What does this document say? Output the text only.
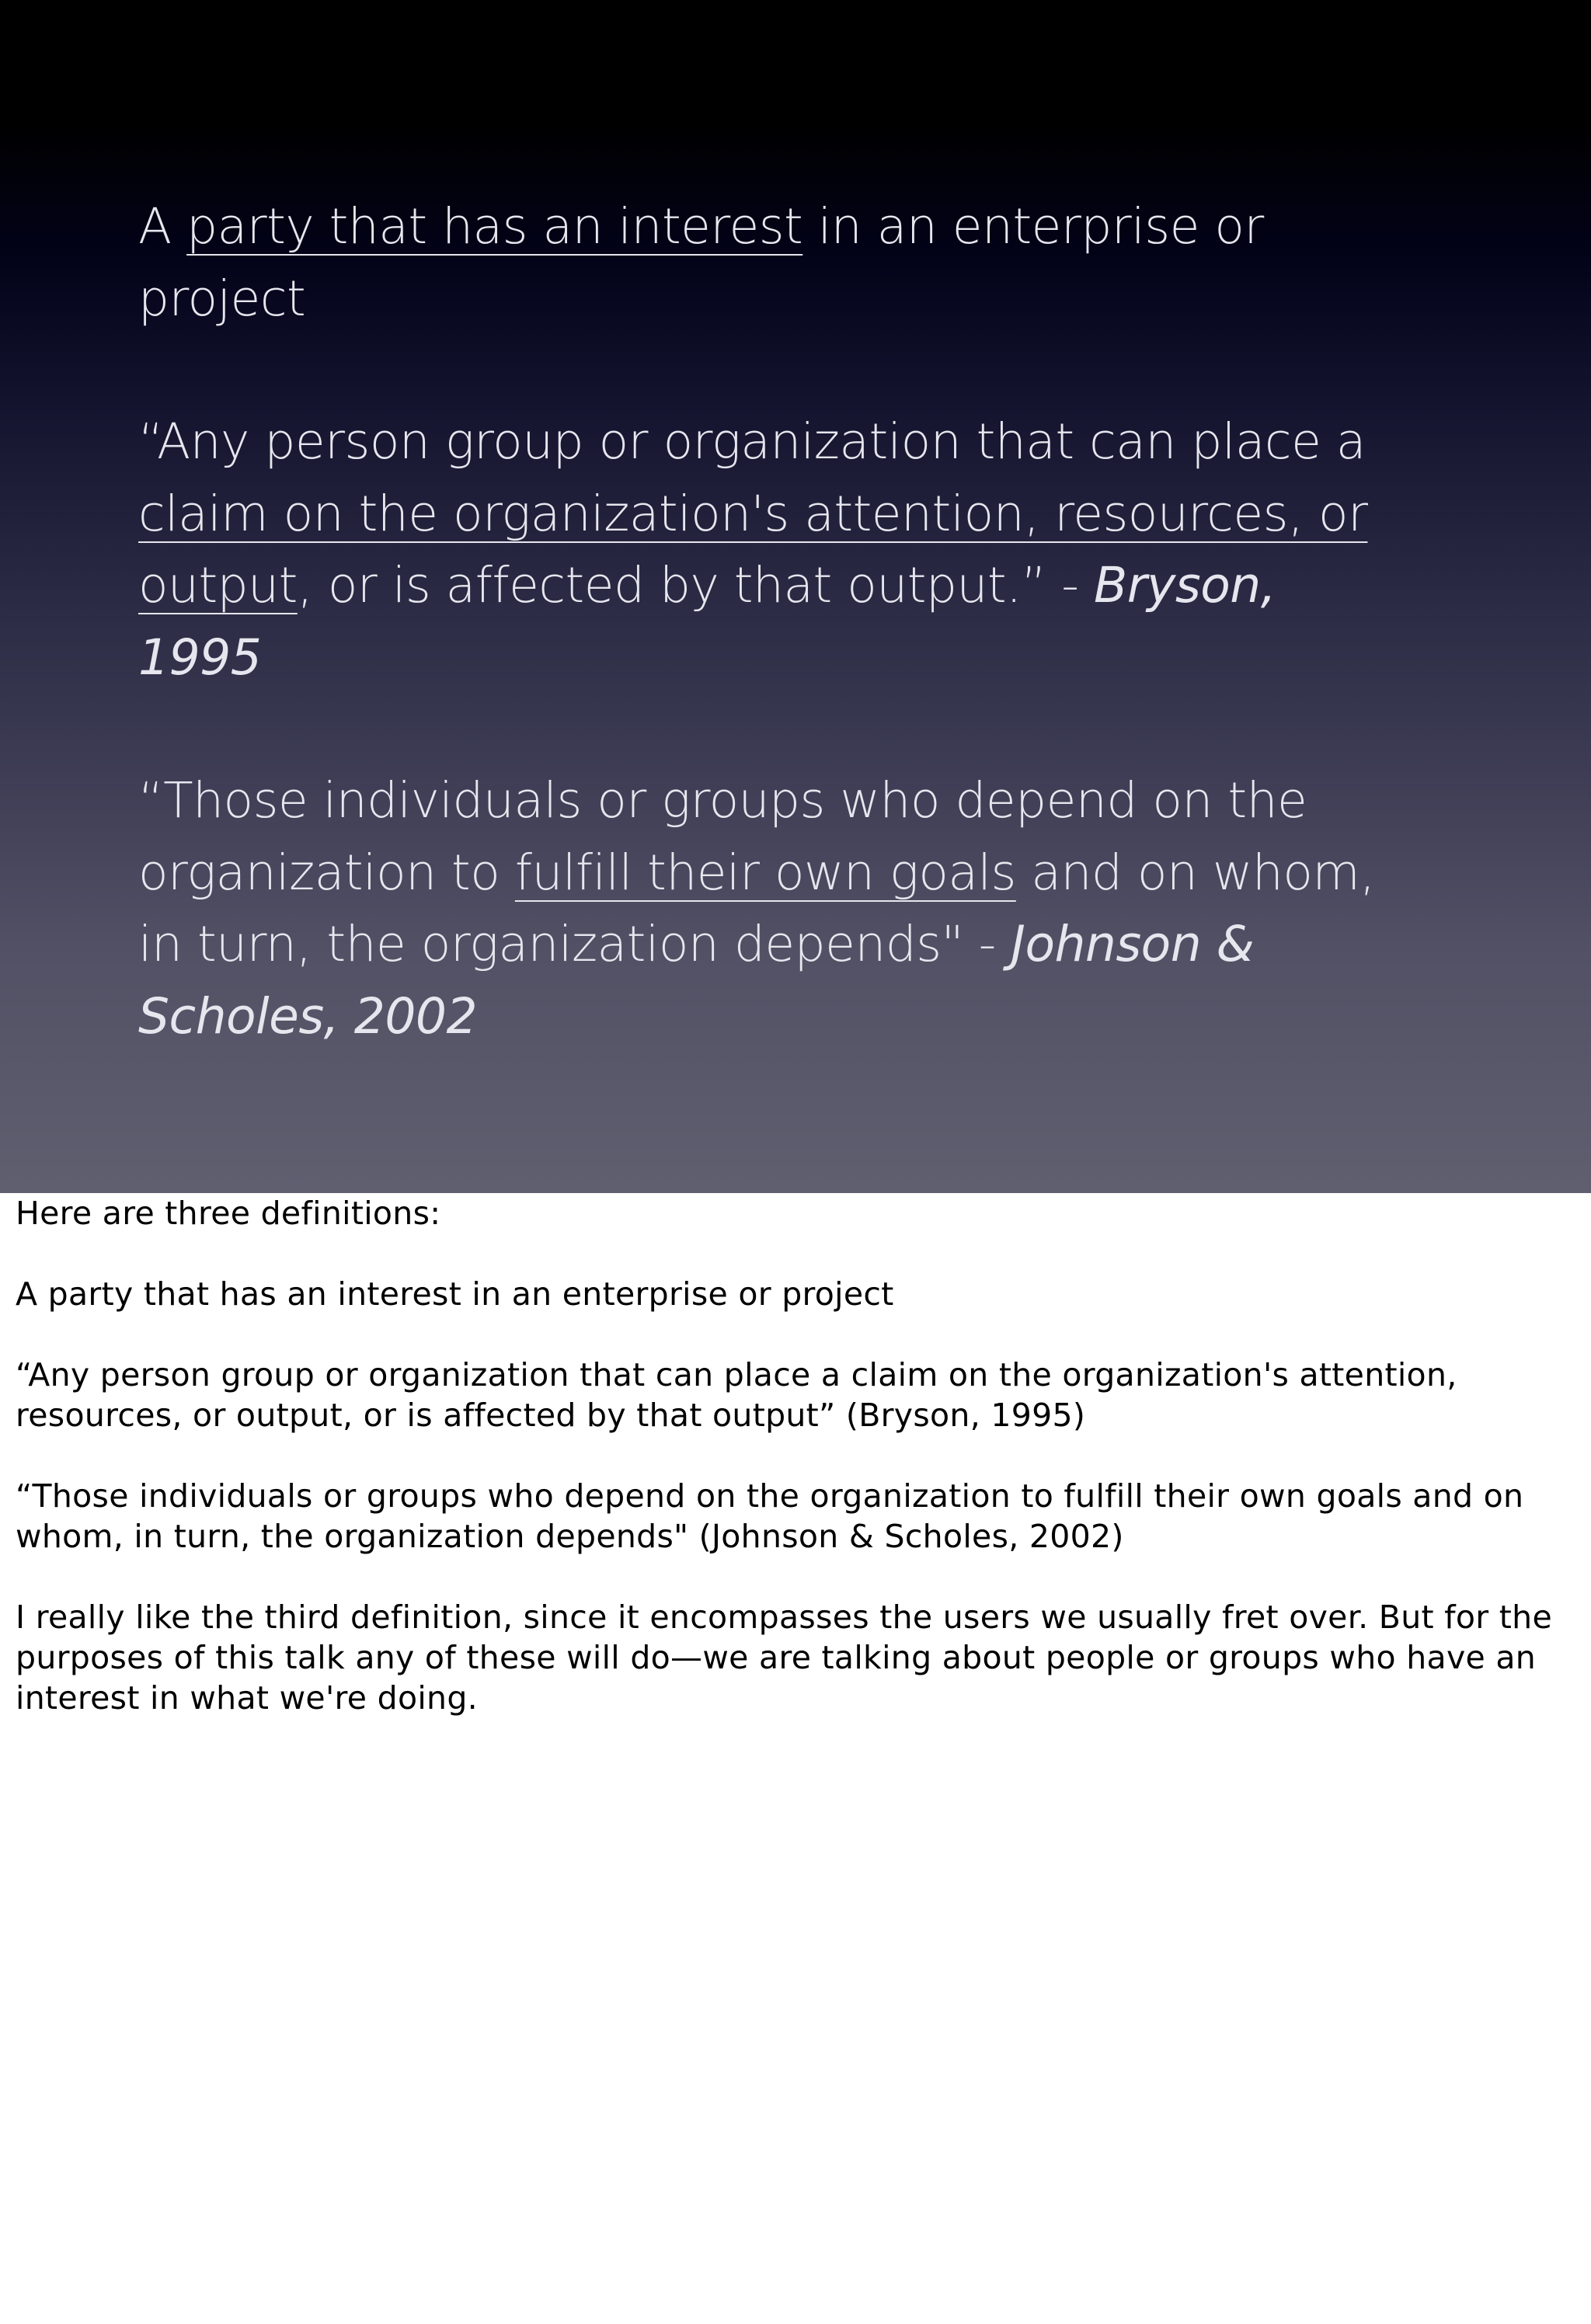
A party that has an interest in an enterprise or project

“Any person group or organization that can place a claim on the organization's attention, resources, or output, or is affected by that output.” - Bryson, 1995

“Those individuals or groups who depend on the organization to fulfill their own goals and on whom, in turn, the organization depends" - Johnson & Scholes, 2002

Here are three definitions:

A party that has an interest in an enterprise or project

“Any person group or organization that can place a claim on the organization's attention, resources, or output, or is affected by that output” (Bryson, 1995)

“Those individuals or groups who depend on the organization to fulfill their own goals and on whom, in turn, the organization depends" (Johnson & Scholes, 2002)

I really like the third definition, since it encompasses the users we usually fret over. But for the purposes of this talk any of these will do—we are talking about people or groups who have an interest in what we're doing.
